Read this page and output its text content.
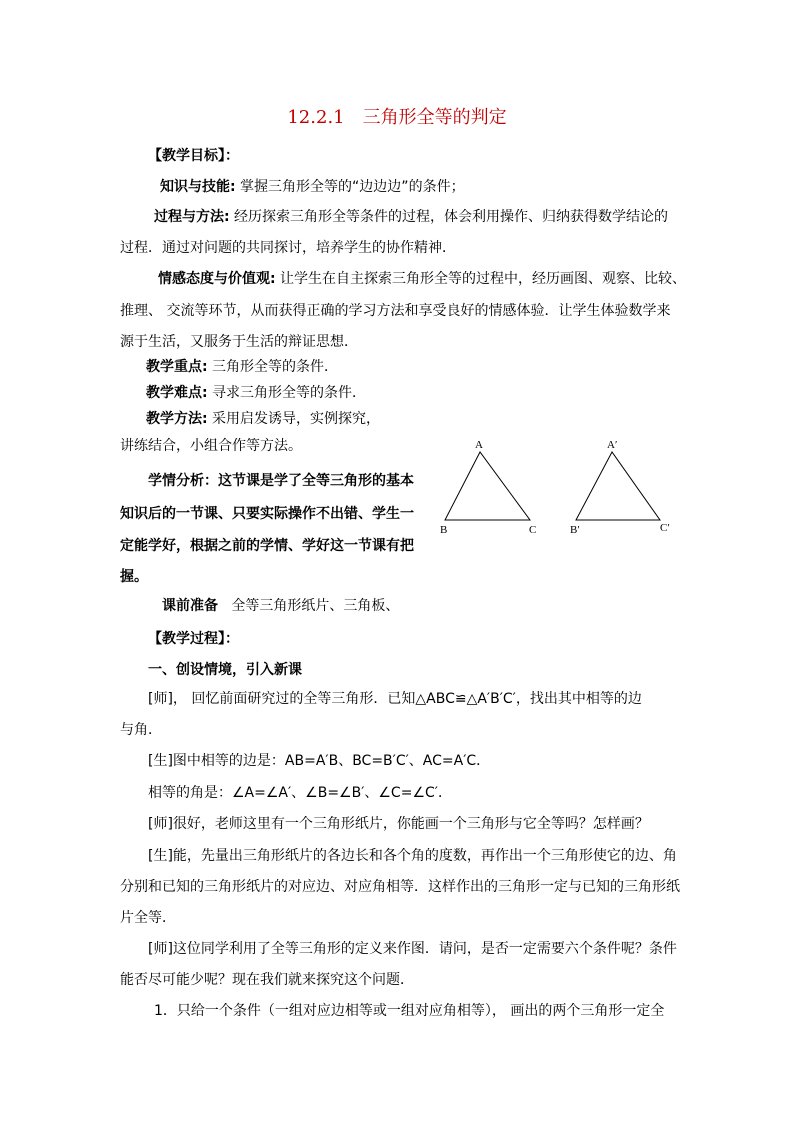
12.2.1　三角形全等的判定
【教学目标】：
知识与技能: 掌握三角形全等的“边边边”的条件；
过程与方法: 经历探索三角形全等条件的过程，体会利用操作、归纳获得数学结论的
过程．通过对问题的共同探讨，培养学生的协作精神．
情感态度与价值观: 让学生在自主探索三角形全等的过程中，经历画图、观察、比较、
推理、 交流等环节，从而获得正确的学习方法和享受良好的情感体验．让学生体验数学来
源于生活，又服务于生活的辩证思想．
教学重点: 三角形全等的条件．
教学难点: 寻求三角形全等的条件．
教学方法: 采用启发诱导，实例探究，
讲练结合，小组合作等方法。
学情分析：这节课是学了全等三角形的基本
知识后的一节课、只要实际操作不出错、学生一
定能学好，根据之前的学情、学好这一节课有把
握。
A
B	C
A′
B′	C′
课前准备 全等三角形纸片、三角板、
【教学过程】：
一、创设情境，引入新课
[师]， 回忆前面研究过的全等三角形．已知△ABC≌△A′B′C′，找出其中相等的边
与角．
[生]图中相等的边是：AB=A′B、BC=B′C′、AC=A′C．
相等的角是：∠A=∠A′、∠B=∠B′、∠C=∠C′．
[师]很好，老师这里有一个三角形纸片，你能画一个三角形与它全等吗？怎样画？
[生]能，先量出三角形纸片的各边长和各个角的度数，再作出一个三角形使它的边、角
分别和已知的三角形纸片的对应边、对应角相等．这样作出的三角形一定与已知的三角形纸
片全等．
[师]这位同学利用了全等三角形的定义来作图．请问，是否一定需要六个条件呢？条件
能否尽可能少呢？现在我们就来探究这个问题．
1．只给一个条件（一组对应边相等或一组对应角相等）， 画出的两个三角形一定全
